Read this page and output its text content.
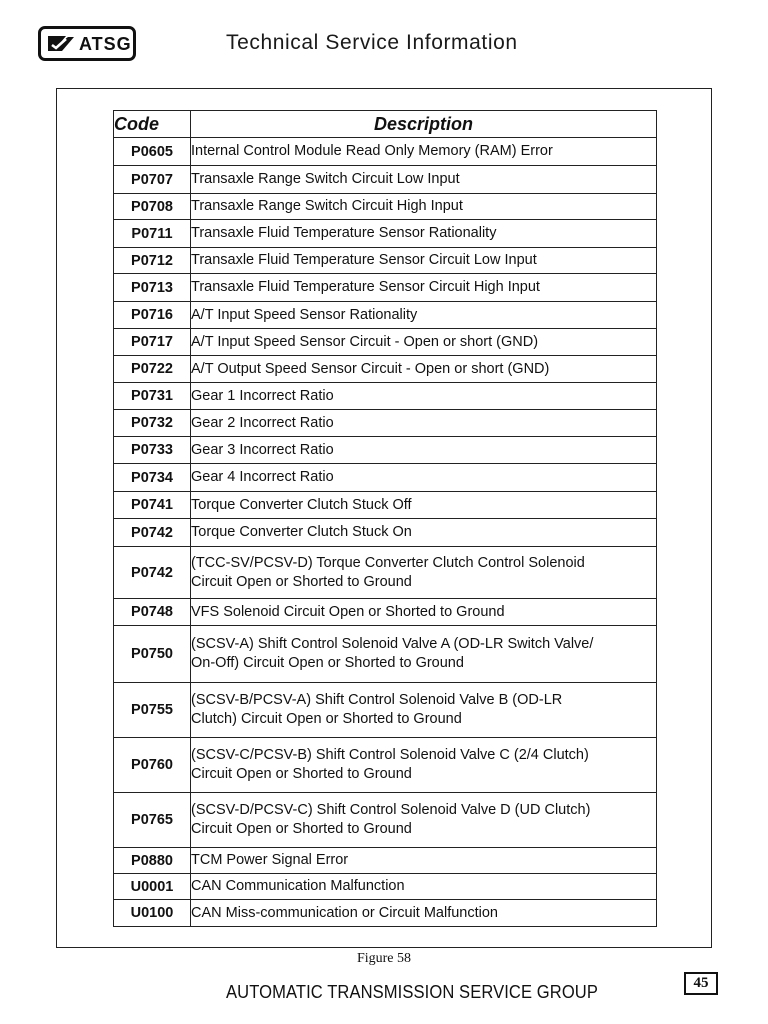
ATSG	Technical Service Information
Code	Description
P0605	Internal Control Module Read Only Memory (RAM) Error

P0707	Transaxle Range Switch Circuit Low Input

P0708	Transaxle Range Switch Circuit High Input

P0711	Transaxle Fluid Temperature Sensor Rationality

P0712	Transaxle Fluid Temperature Sensor Circuit Low Input

P0713	Transaxle Fluid Temperature Sensor Circuit High Input

P0716	A/T Input Speed Sensor Rationality

P0717	A/T Input Speed Sensor Circuit - Open or short (GND)

P0722	A/T Output Speed Sensor Circuit - Open or short (GND)

P0731	Gear 1 Incorrect Ratio

P0732	Gear 2 Incorrect Ratio

P0733	Gear 3 Incorrect Ratio

P0734	Gear 4 Incorrect Ratio

P0741	Torque Converter Clutch Stuck Off

P0742	Torque Converter Clutch Stuck On

P0742	(TCC-SV/PCSV-D) Torque Converter Clutch Control Solenoid
Circuit Open or Shorted to Ground

P0748	VFS Solenoid Circuit Open or Shorted to Ground

P0750	(SCSV-A) Shift Control Solenoid Valve A (OD-LR Switch Valve/
On-Off) Circuit Open or Shorted to Ground

P0755	(SCSV-B/PCSV-A) Shift Control Solenoid Valve B (OD-LR
Clutch) Circuit Open or Shorted to Ground

P0760	(SCSV-C/PCSV-B) Shift Control Solenoid Valve C (2/4 Clutch)
Circuit Open or Shorted to Ground

P0765	(SCSV-D/PCSV-C) Shift Control Solenoid Valve D (UD Clutch)
Circuit Open or Shorted to Ground

P0880	TCM Power Signal Error

U0001	CAN Communication Malfunction

U0100	CAN Miss-communication or Circuit Malfunction
Figure 58
AUTOMATIC TRANSMISSION SERVICE GROUP	45
